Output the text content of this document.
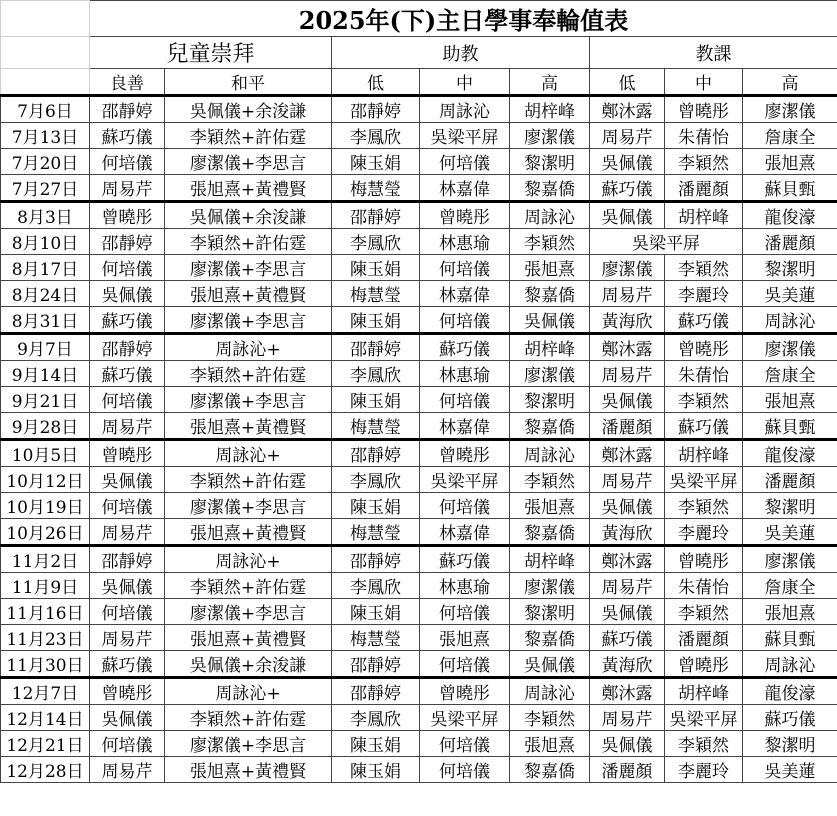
	2025年(下)主日學事奉輪值表							
	兒童崇拜		助教			教課		
	良善	和平	低	中	高	低	中	高
7月6日	邵靜婷	吳佩儀+余浚謙	邵靜婷	周詠沁	胡梓峰	鄭沐露	曾曉彤	廖潔儀
7月13日	蘇巧儀	李穎然+許佑霆	李鳳欣	吳梁平屏	廖潔儀	周易芹	朱蒨怡	詹康全
7月20日	何培儀	廖潔儀+李思言	陳玉娟	何培儀	黎潔明	吳佩儀	李穎然	張旭熹
7月27日	周易芹	張旭熹+黃禮賢	梅慧瑩	林嘉偉	黎嘉僑	蘇巧儀	潘麗顏	蘇貝甄
8月3日	曾曉彤	吳佩儀+余浚謙	邵靜婷	曾曉彤	周詠沁	吳佩儀	胡梓峰	龍俊濠
8月10日	邵靜婷	李穎然+許佑霆	李鳳欣	林惠瑜	李穎然	吳梁平屏		潘麗顏
8月17日	何培儀	廖潔儀+李思言	陳玉娟	何培儀	張旭熹	廖潔儀	李穎然	黎潔明
8月24日	吳佩儀	張旭熹+黃禮賢	梅慧瑩	林嘉偉	黎嘉僑	周易芹	李麗玲	吳美蓮
8月31日	蘇巧儀	廖潔儀+李思言	陳玉娟	何培儀	吳佩儀	黃海欣	蘇巧儀	周詠沁
9月7日	邵靜婷	周詠沁+	邵靜婷	蘇巧儀	胡梓峰	鄭沐露	曾曉彤	廖潔儀
9月14日	蘇巧儀	李穎然+許佑霆	李鳳欣	林惠瑜	廖潔儀	周易芹	朱蒨怡	詹康全
9月21日	何培儀	廖潔儀+李思言	陳玉娟	何培儀	黎潔明	吳佩儀	李穎然	張旭熹
9月28日	周易芹	張旭熹+黃禮賢	梅慧瑩	林嘉偉	黎嘉僑	潘麗顏	蘇巧儀	蘇貝甄
10月5日	曾曉彤	周詠沁+	邵靜婷	曾曉彤	周詠沁	鄭沐露	胡梓峰	龍俊濠
10月12日	吳佩儀	李穎然+許佑霆	李鳳欣	吳梁平屏	李穎然	周易芹	吳梁平屏	潘麗顏
10月19日	何培儀	廖潔儀+李思言	陳玉娟	何培儀	張旭熹	吳佩儀	李穎然	黎潔明
10月26日	周易芹	張旭熹+黃禮賢	梅慧瑩	林嘉偉	黎嘉僑	黃海欣	李麗玲	吳美蓮
11月2日	邵靜婷	周詠沁+	邵靜婷	蘇巧儀	胡梓峰	鄭沐露	曾曉彤	廖潔儀
11月9日	吳佩儀	李穎然+許佑霆	李鳳欣	林惠瑜	廖潔儀	周易芹	朱蒨怡	詹康全
11月16日	何培儀	廖潔儀+李思言	陳玉娟	何培儀	黎潔明	吳佩儀	李穎然	張旭熹
11月23日	周易芹	張旭熹+黃禮賢	梅慧瑩	張旭熹	黎嘉僑	蘇巧儀	潘麗顏	蘇貝甄
11月30日	蘇巧儀	吳佩儀+余浚謙	邵靜婷	何培儀	吳佩儀	黃海欣	曾曉彤	周詠沁
12月7日	曾曉彤	周詠沁+	邵靜婷	曾曉彤	周詠沁	鄭沐露	胡梓峰	龍俊濠
12月14日	吳佩儀	李穎然+許佑霆	李鳳欣	吳梁平屏	李穎然	周易芹	吳梁平屏	蘇巧儀
12月21日	何培儀	廖潔儀+李思言	陳玉娟	何培儀	張旭熹	吳佩儀	李穎然	黎潔明
12月28日	周易芹	張旭熹+黃禮賢	陳玉娟	何培儀	黎嘉僑	潘麗顏	李麗玲	吳美蓮
